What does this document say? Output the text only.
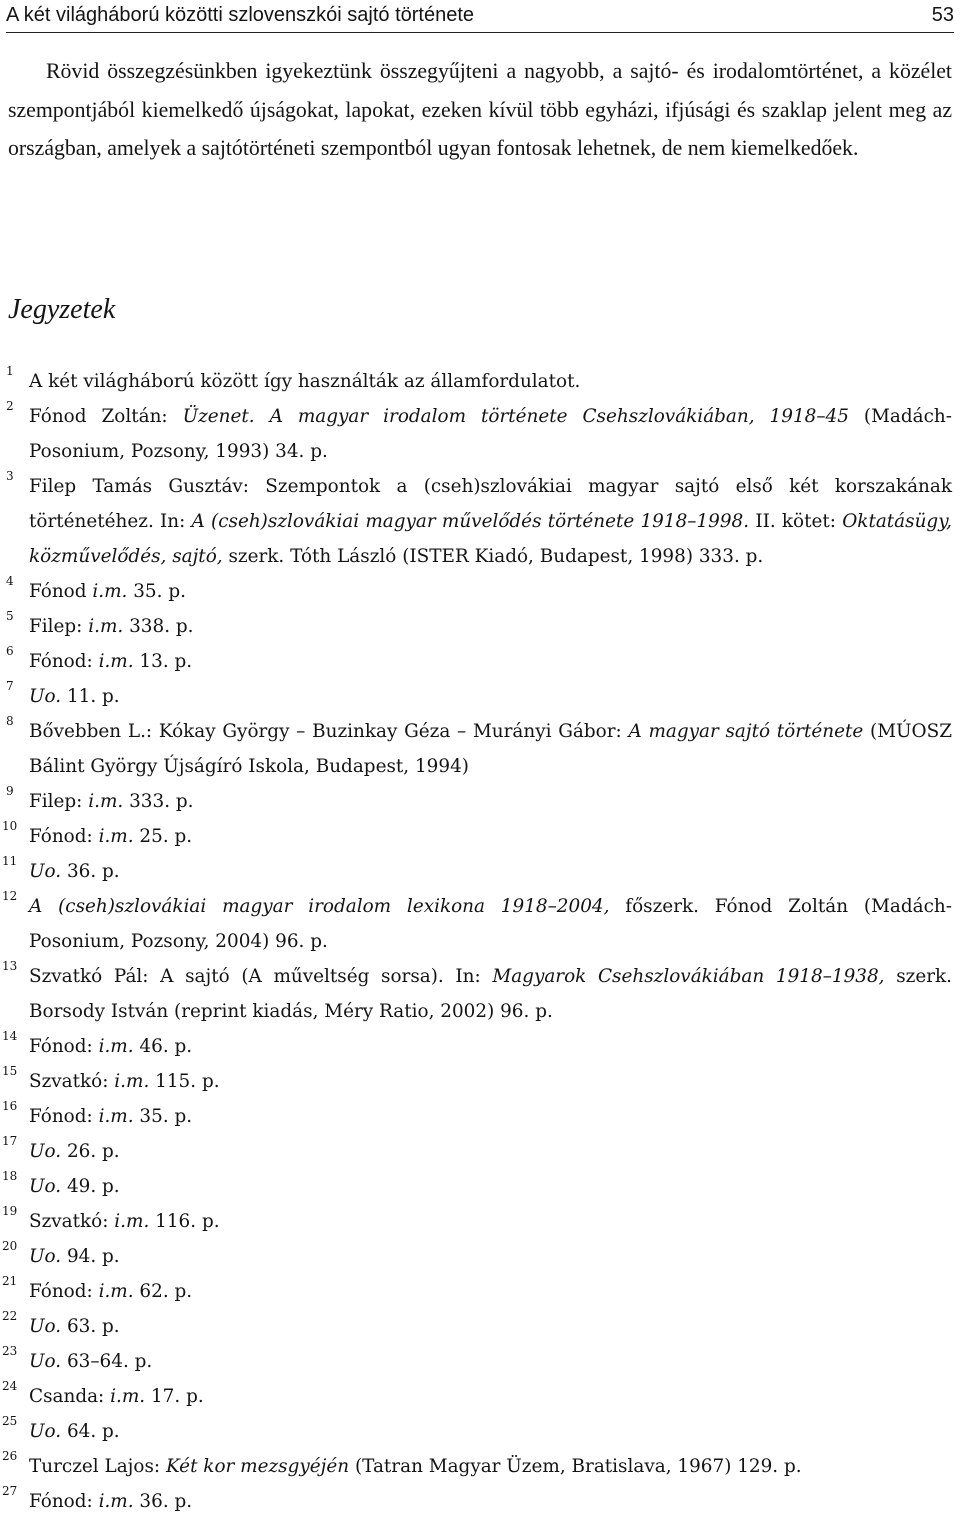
A két világháború közötti szlovenszkói sajtó története	53

Rövid összegzésünkben igyekeztünk összegyűjteni a nagyobb, a sajtó- és irodalomtörténet, a közélet szempontjából kiemelkedő újságokat, lapokat, ezeken kívül több egyházi, ifjúsági és szaklap jelent meg az országban, amelyek a sajtótörténeti szempontból ugyan fontosak lehetnek, de nem kiemelkedőek.

Jegyzetek
1 A két világháború között így használták az államfordulatot.
2 Fónod Zoltán: Üzenet. A magyar irodalom története Csehszlovákiában, 1918–45 (Madách-Posonium, Pozsony, 1993) 34. p.
3 Filep Tamás Gusztáv: Szempontok a (cseh)szlovákiai magyar sajtó első két korszakának történetéhez. In: A (cseh)szlovákiai magyar művelődés története 1918–1998. II. kötet: Oktatásügy, közművelődés, sajtó, szerk. Tóth László (ISTER Kiadó, Budapest, 1998) 333. p.
4 Fónod i.m. 35. p.
5 Filep: i.m. 338. p.
6 Fónod: i.m. 13. p.
7 Uo. 11. p.
8 Bővebben L.: Kókay György – Buzinkay Géza – Murányi Gábor: A magyar sajtó története (MÚOSZ Bálint György Újságíró Iskola, Budapest, 1994)
9 Filep: i.m. 333. p.
10 Fónod: i.m. 25. p.
11 Uo. 36. p.
12 A (cseh)szlovákiai magyar irodalom lexikona 1918–2004, főszerk. Fónod Zoltán (Madách-Posonium, Pozsony, 2004) 96. p.
13 Szvatkó Pál: A sajtó (A műveltség sorsa). In: Magyarok Csehszlovákiában 1918–1938, szerk. Borsody István (reprint kiadás, Méry Ratio, 2002) 96. p.
14 Fónod: i.m. 46. p.
15 Szvatkó: i.m. 115. p.
16 Fónod: i.m. 35. p.
17 Uo. 26. p.
18 Uo. 49. p.
19 Szvatkó: i.m. 116. p.
20 Uo. 94. p.
21 Fónod: i.m. 62. p.
22 Uo. 63. p.
23 Uo. 63–64. p.
24 Csanda: i.m. 17. p.
25 Uo. 64. p.
26 Turczel Lajos: Két kor mezsgyéjén (Tatran Magyar Üzem, Bratislava, 1967) 129. p.
27 Fónod: i.m. 36. p.
